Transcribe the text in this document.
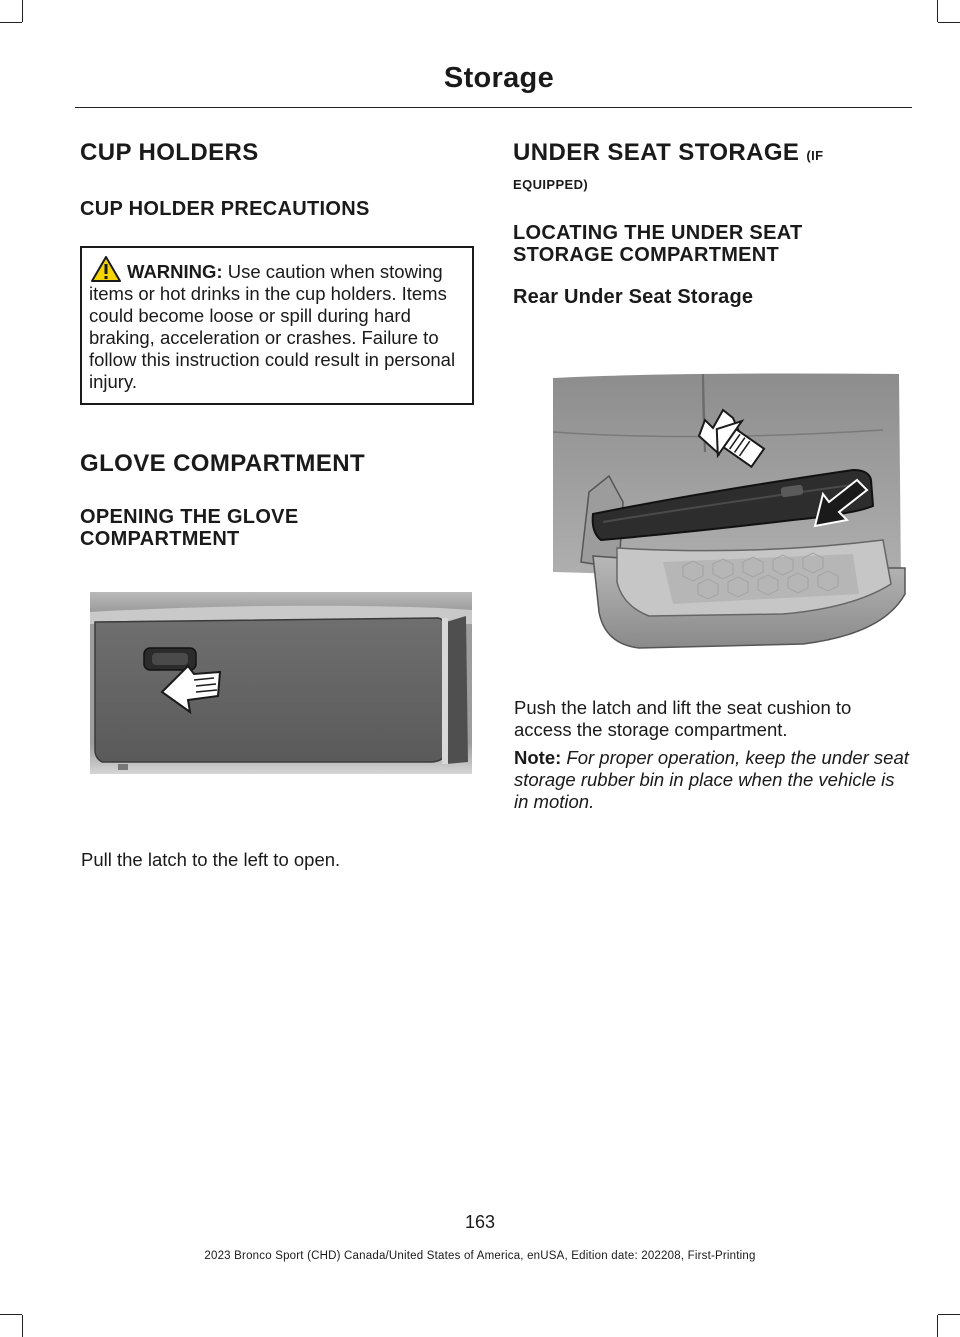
Storage
CUP HOLDERS
CUP HOLDER PRECAUTIONS
WARNING: Use caution when stowing items or hot drinks in the cup holders. Items could become loose or spill during hard braking, acceleration or crashes. Failure to follow this instruction could result in personal injury.
GLOVE COMPARTMENT
OPENING THE GLOVE COMPARTMENT

Pull the latch to the left to open.

UNDER SEAT STORAGE (IF
EQUIPPED)
LOCATING THE UNDER SEAT STORAGE COMPARTMENT
Rear Under Seat Storage

Push the latch and lift the seat cushion to access the storage compartment.

Note: For proper operation, keep the under seat storage rubber bin in place when the vehicle is in motion.

163
2023 Bronco Sport (CHD) Canada/United States of America, enUSA, Edition date: 202208, First-Printing
